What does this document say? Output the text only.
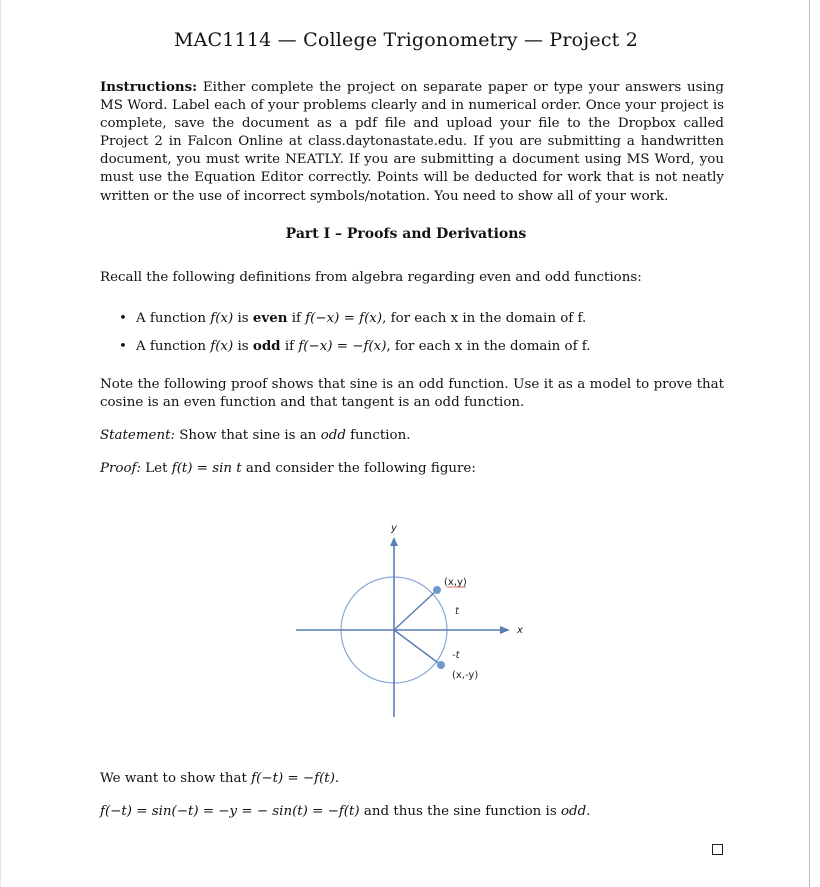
MAC1114 — College Trigonometry — Project 2
Instructions: Either complete the project on separate paper or type your answers using MS Word. Label each of your problems clearly and in numerical order. Once your project is complete, save the document as a pdf file and upload your file to the Dropbox called Project 2 in Falcon Online at class.daytonastate.edu. If you are submitting a handwritten document, you must write NEATLY. If you are submitting a document using MS Word, you must use the Equation Editor correctly. Points will be deducted for work that is not neatly written or the use of incorrect symbols/notation. You need to show all of your work.
Part I – Proofs and Derivations
Recall the following definitions from algebra regarding even and odd functions:
• A function f(x) is even if f(−x) = f(x), for each x in the domain of f.
• A function f(x) is odd if f(−x) = −f(x), for each x in the domain of f.
Note the following proof shows that sine is an odd function. Use it as a model to prove that cosine is an even function and that tangent is an odd function.
Statement: Show that sine is an odd function.
Proof: Let f(t) = sin t and consider the following figure:
y
x
(x,y)
(x,-y)
t
-t
We want to show that f(−t) = −f(t).
f(−t) = sin(−t) = −y = − sin(t) = −f(t) and thus the sine function is odd.
